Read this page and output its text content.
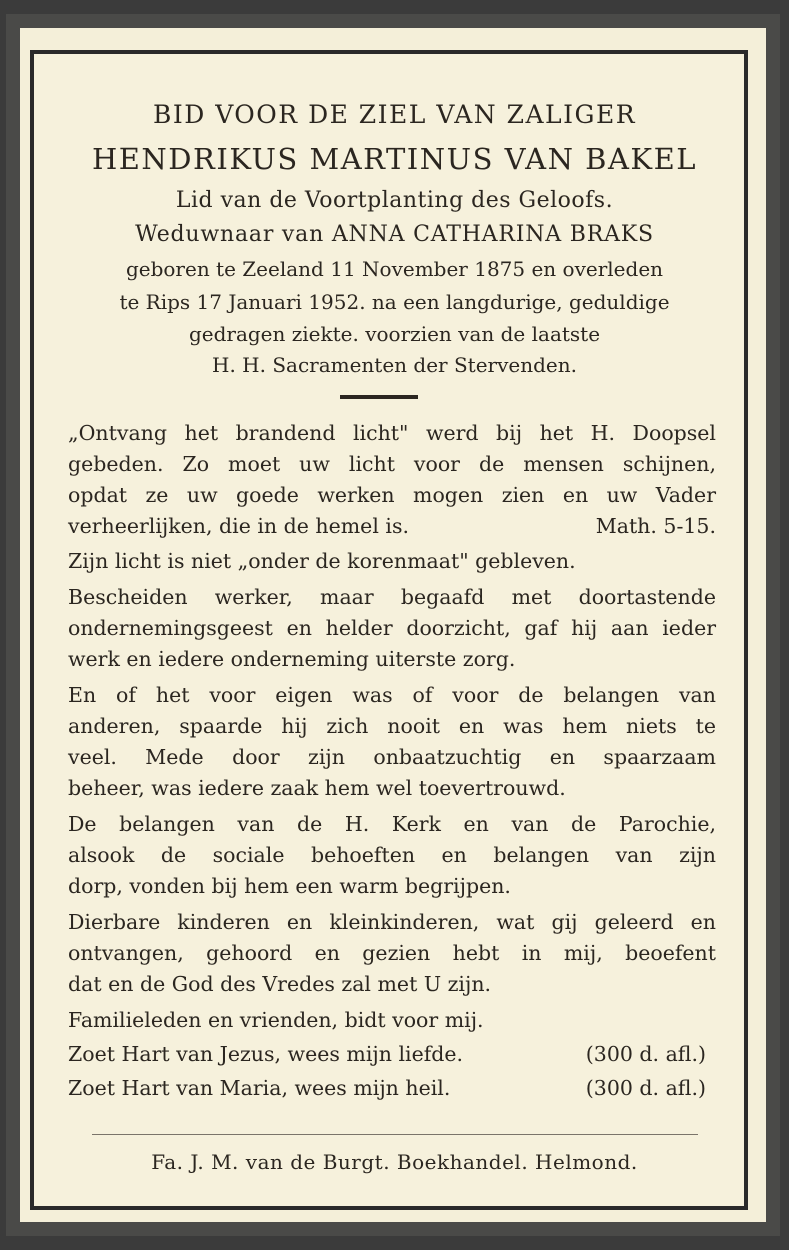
BID VOOR DE ZIEL VAN ZALIGER
HENDRIKUS MARTINUS VAN BAKEL
Lid van de Voortplanting des Geloofs.
Weduwnaar van ANNA CATHARINA BRAKS
geboren te Zeeland 11 November 1875 en overleden
te Rips 17 Januari 1952. na een langdurige, geduldige
gedragen ziekte. voorzien van de laatste
H. H. Sacramenten der Stervenden.
„Ontvang het brandend licht" werd bij het H. Doopsel
gebeden. Zo moet uw licht voor de mensen schijnen,
opdat ze uw goede werken mogen zien en uw Vader
verheerlijken, die in de hemel is.	Math. 5-15.
Zijn licht is niet „onder de korenmaat" gebleven.
Bescheiden werker, maar begaafd met doortastende
ondernemingsgeest en helder doorzicht, gaf hij aan ieder
werk en iedere onderneming uiterste zorg.
En of het voor eigen was of voor de belangen van
anderen, spaarde hij zich nooit en was hem niets te
veel. Mede door zijn onbaatzuchtig en spaarzaam
beheer, was iedere zaak hem wel toevertrouwd.
De belangen van de H. Kerk en van de Parochie,
alsook de sociale behoeften en belangen van zijn
dorp, vonden bij hem een warm begrijpen.
Dierbare kinderen en kleinkinderen, wat gij geleerd en
ontvangen, gehoord en gezien hebt in mij, beoefent
dat en de God des Vredes zal met U zijn.
Familieleden en vrienden, bidt voor mij.
Zoet Hart van Jezus, wees mijn liefde.	(300 d. afl.)
Zoet Hart van Maria, wees mijn heil.	(300 d. afl.)
Fa. J. M. van de Burgt. Boekhandel. Helmond.
